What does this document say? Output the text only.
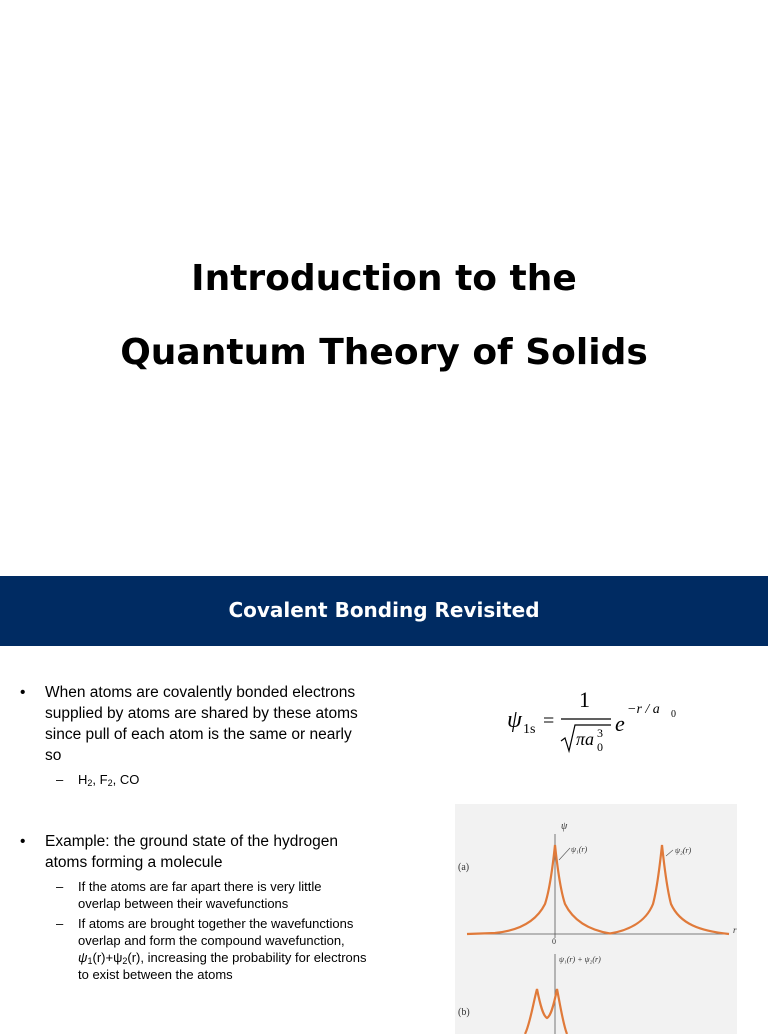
Introduction to the
Quantum Theory of Solids
Covalent Bonding Revisited
• When atoms are covalently bonded electrons
supplied by atoms are shared by these atoms
since pull of each atom is the same or nearly
so
– $H_2$, $F_2$, CO
• Example: the ground state of the hydrogen
atoms forming a molecule
– If the atoms are far apart there is very little
overlap between their wavefunctions
– If atoms are brought together the wavefunctions
overlap and form the compound wavefunction,
$\psi_1(r)+\psi_2(r)$, increasing the probability for electrons
to exist between the atoms
ψ 1s =
1
πa 0
3 e
−r / a 0
(a)
(b)
ψ
ψ₁(r)	ψ₂(r)
r
0
ψ₁(r) + ψ₂(r)
